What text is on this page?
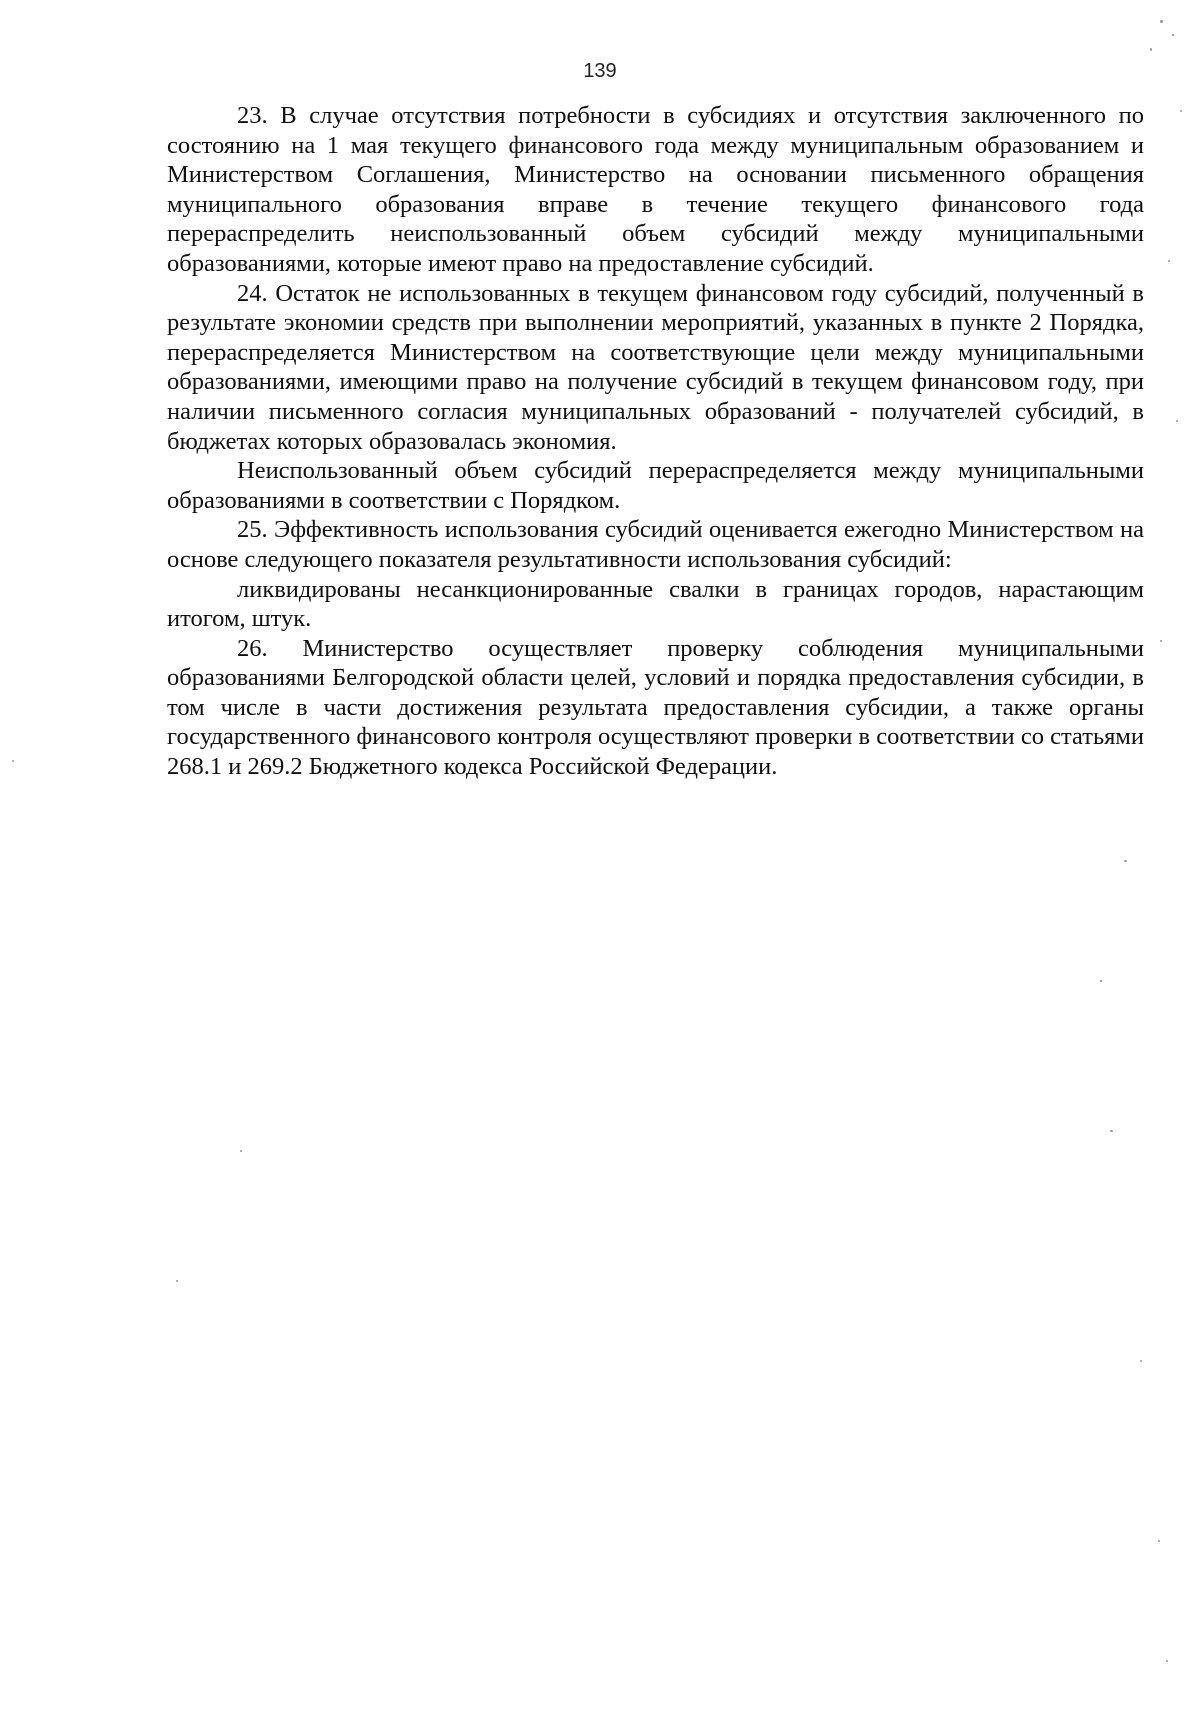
139

23. В случае отсутствия потребности в субсидиях и отсутствия заключенного по состоянию на 1 мая текущего финансового года между муниципальным образованием и Министерством Соглашения, Министерство на основании письменного обращения муниципального образования вправе в течение текущего финансового года перераспределить неиспользованный объем субсидий между муниципальными образованиями, которые имеют право на предоставление субсидий.

24. Остаток не использованных в текущем финансовом году субсидий, полученный в результате экономии средств при выполнении мероприятий, указанных в пункте 2 Порядка, перераспределяется Министерством на соответствующие цели между муниципальными образованиями, имеющими право на получение субсидий в текущем финансовом году, при наличии письменного согласия муниципальных образований - получателей субсидий, в бюджетах которых образовалась экономия.

Неиспользованный объем субсидий перераспределяется между муниципальными образованиями в соответствии с Порядком.

25. Эффективность использования субсидий оценивается ежегодно Министерством на основе следующего показателя результативности использования субсидий:

ликвидированы несанкционированные свалки в границах городов, нарастающим итогом, штук.

26. Министерство осуществляет проверку соблюдения муниципальными образованиями Белгородской области целей, условий и порядка предоставления субсидии, в том числе в части достижения результата предоставления субсидии, а также органы государственного финансового контроля осуществляют проверки в соответствии со статьями 268.1 и 269.2 Бюджетного кодекса Российской Федерации.
